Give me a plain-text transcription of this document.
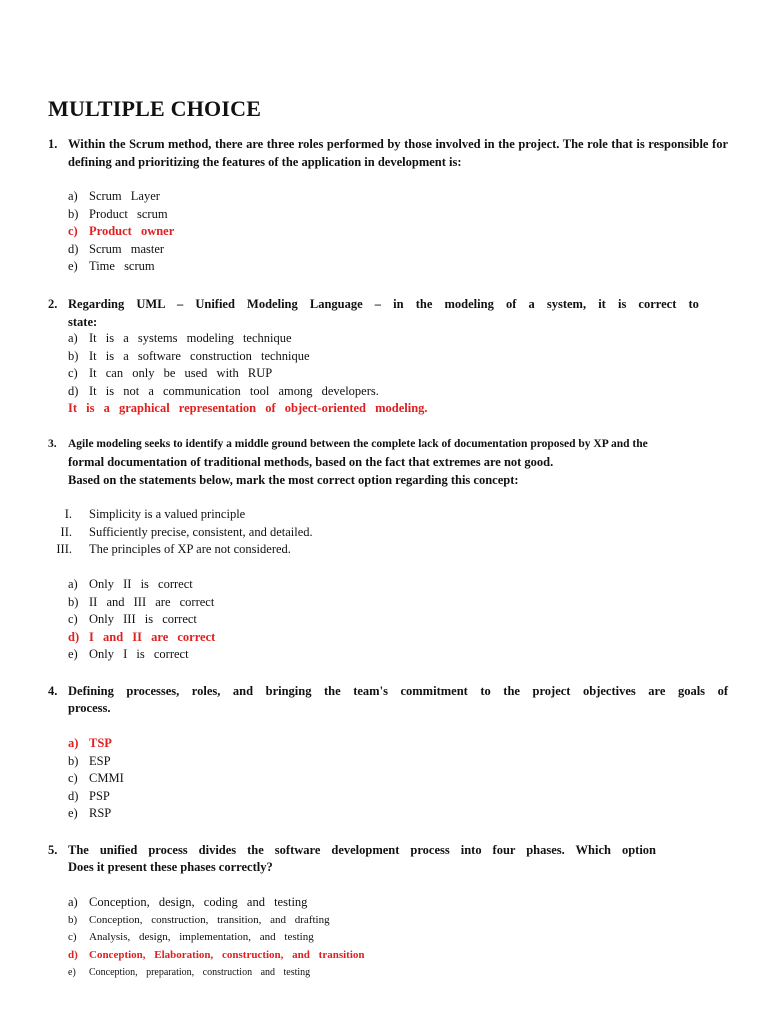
MULTIPLE CHOICE
1. Within the Scrum method, there are three roles performed by those involved in the project. The role that is responsible for defining and prioritizing the features of the application in development is:
a) Scrum Layer
b) Product scrum
c) Product owner
d) Scrum master
e) Time scrum
2. Regarding UML – Unified Modeling Language – in the modeling of a system, it is correct to state:
a) It is a systems modeling technique
b) It is a software construction technique
c) It can only be used with RUP
d) It is not a communication tool among developers.
It is a graphical representation of object-oriented modeling.
3. Agile modeling seeks to identify a middle ground between the complete lack of documentation proposed by XP and the
formal documentation of traditional methods, based on the fact that extremes are not good.
Based on the statements below, mark the most correct option regarding this concept:
I. Simplicity is a valued principle
II. Sufficiently precise, consistent, and detailed.
III. The principles of XP are not considered.
a) Only II is correct
b) II and III are correct
c) Only III is correct
d) I and II are correct
e) Only I is correct
4. Defining processes, roles, and bringing the team's commitment to the project objectives are goals of
process.
a) TSP
b) ESP
c) CMMI
d) PSP
e) RSP
5. The unified process divides the software development process into four phases. Which option
Does it present these phases correctly?
a) Conception, design, coding and testing
b) Conception, construction, transition, and drafting
c) Analysis, design, implementation, and testing
d) Conception, Elaboration, construction, and transition
e) Conception, preparation, construction and testing
